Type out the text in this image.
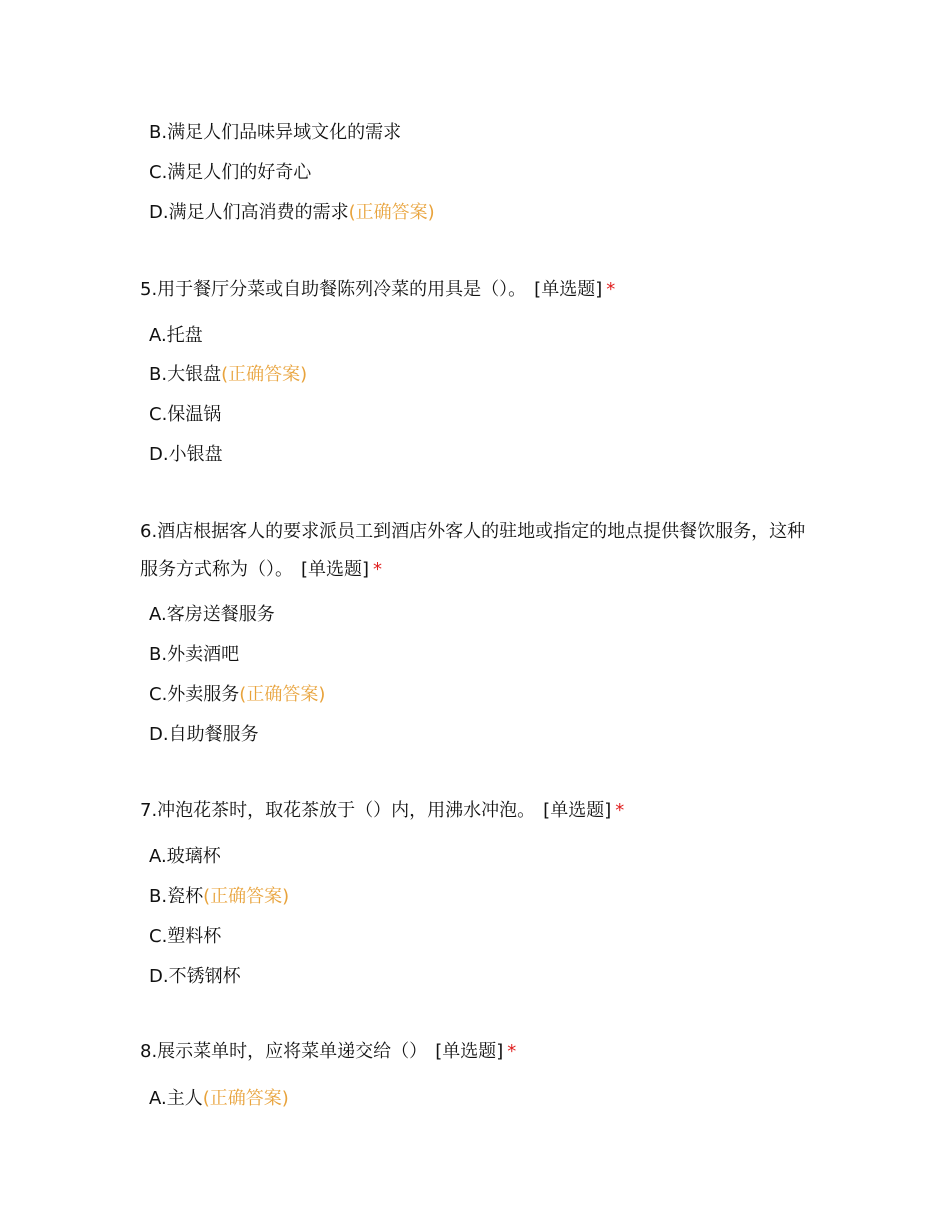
B.满足人们品味异域文化的需求
C.满足人们的好奇心
D.满足人们高消费的需求(正确答案)
5.用于餐厅分菜或自助餐陈列冷菜的用具是（）。 [单选题] *
A.托盘
B.大银盘(正确答案)
C.保温锅
D.小银盘
6.酒店根据客人的要求派员工到酒店外客人的驻地或指定的地点提供餐饮服务，这种服务方式称为（）。 [单选题] *
A.客房送餐服务
B.外卖酒吧
C.外卖服务(正确答案)
D.自助餐服务
7.冲泡花茶时，取花茶放于（）内，用沸水冲泡。 [单选题] *
A.玻璃杯
B.瓷杯(正确答案)
C.塑料杯
D.不锈钢杯
8.展示菜单时，应将菜单递交给（） [单选题] *
A.主人(正确答案)
